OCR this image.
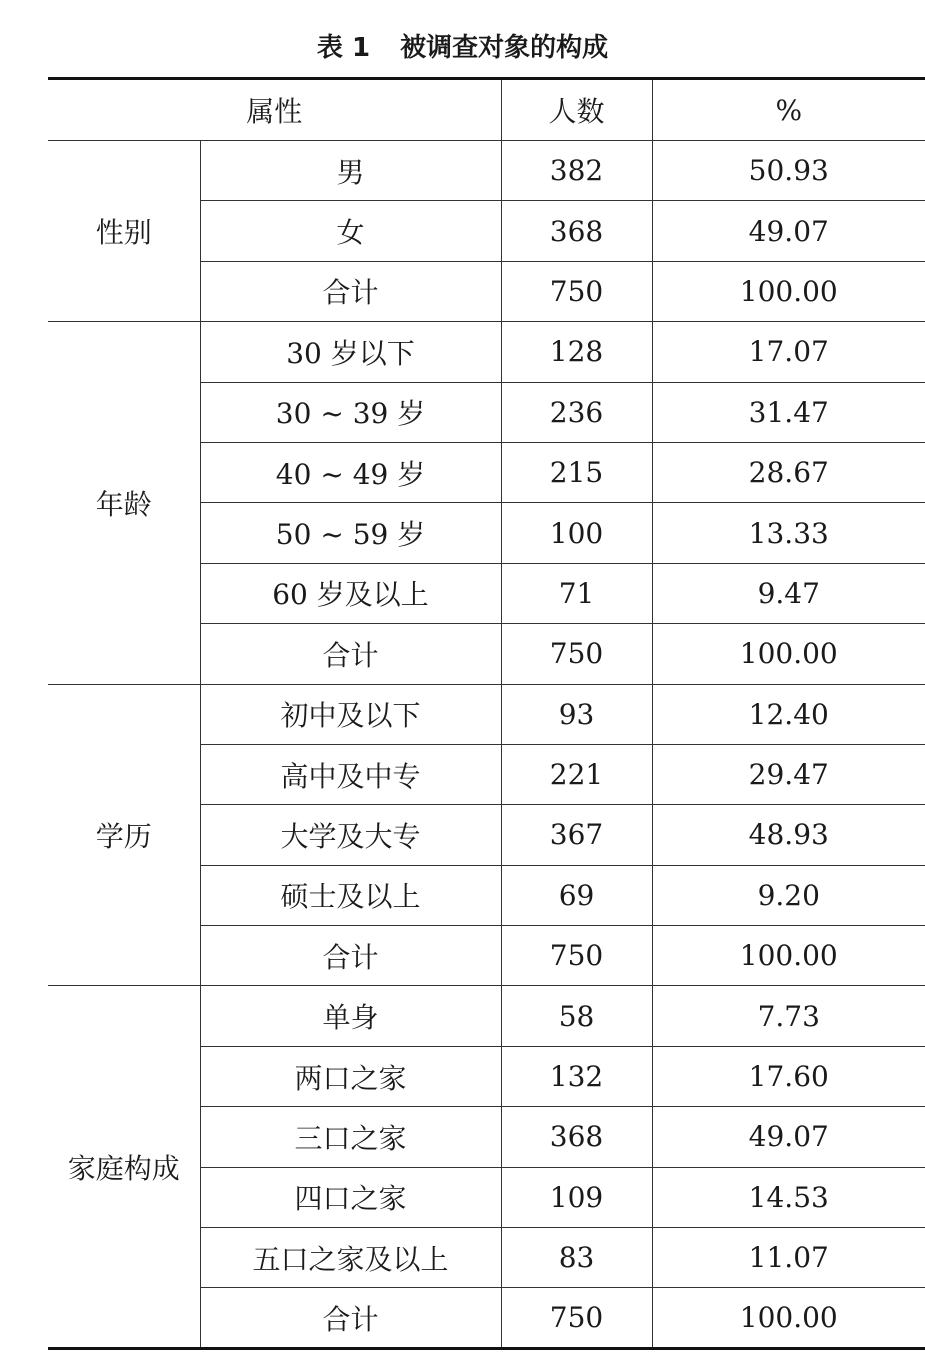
表 1 被调查对象的构成
属性		人数	%
性别	男	382	50.93
	女	368	49.07
	合计	750	100.00
年龄	30 岁以下	128	17.07
	30 ~ 39 岁	236	31.47
	40 ~ 49 岁	215	28.67
	50 ~ 59 岁	100	13.33
	60 岁及以上	71	9.47
	合计	750	100.00
学历	初中及以下	93	12.40
	高中及中专	221	29.47
	大学及大专	367	48.93
	硕士及以上	69	9.20
	合计	750	100.00
家庭构成	单身	58	7.73
	两口之家	132	17.60
	三口之家	368	49.07
	四口之家	109	14.53
	五口之家及以上	83	11.07
	合计	750	100.00
